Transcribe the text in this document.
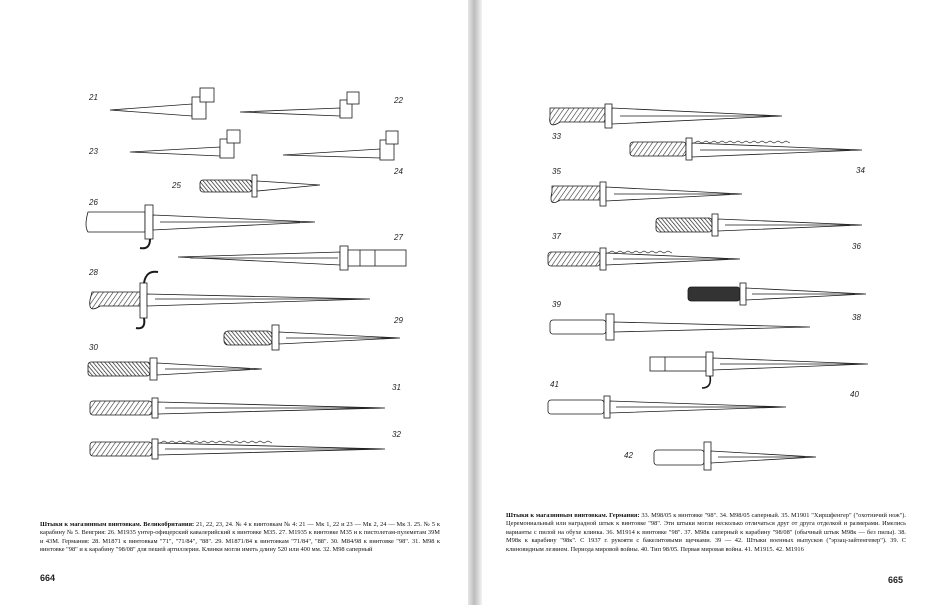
21	22
23
24
25
26
27
28
29
30
31
32
33
34
35
36
37
38
39
40
41
42
Штыки к магазинным винтовкам. Великобритания: 21, 22, 23, 24. № 4 к винтовкам № 4: 21 — Мк 1, 22 и 23 — Мк 2, 24 — Мк 3. 25. № 5 к карабину № 5. Венгрия: 26. М1935 унтер-офицерский кавалерийский к винтовке М35. 27. М1935 к винтовке М35 и к пистолетам-пулеметам 39М и 43М. Германия: 28. М1871 к винтовкам "71", "71/84", "88". 29. М1871/84 к винтовкам "71/84", "88". 30. М84/98 к винтовке "98". 31. М98 к винтовке "98" и к карабину "98/08" для пешей артиллерии. Клинки могли иметь длину 520 или 400 мм. 32. М98 саперный
Штыки к магазинным винтовкам. Германия: 33. М98/05 к винтовке "98". 34. М98/05 саперный. 35. М1901 "Хиршфенгер" ("охотничий нож"). Церемониальный или наградной штык к винтовке "98". Эти штыки могли несколько отличаться друг от друга отделкой и размерами. Имелись варианты с пилой на обухе клинка. 36. М1914 к винтовке "98". 37. М98к саперный к карабину "98/08" (обычный штык М98к — без пилы). 38. М98к к карабину "98к". С 1937 г. рукояти с бакелитовыми щечками. 39 — 42. Штыки военных выпусков ("эрзац-зайтенгевер"). 39. С клиновидным лезвием. Периода мировой войны. 40. Тип 98/05. Первая мировая война. 41. М1915. 42. М1916
664	665
